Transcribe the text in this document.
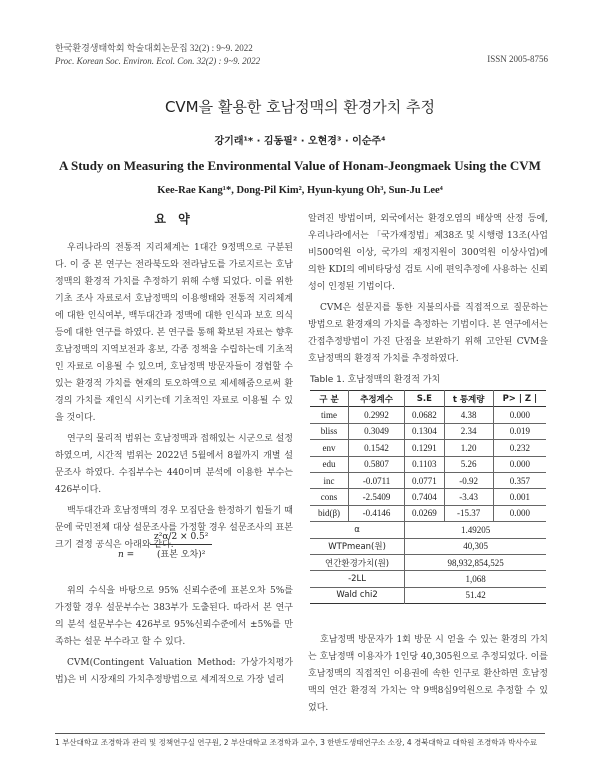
한국환경생태학회 학술대회논문집 32(2) : 9~9. 2022
Proc. Korean Soc. Environ. Ecol. Con. 32(2) : 9~9. 2022	ISSN 2005-8756
CVM을 활용한 호남정맥의 환경가치 추정
강기래¹* · 김동필² · 오현경³ · 이순주⁴
A Study on Measuring the Environmental Value of Honam-Jeongmaek Using the CVM
Kee-Rae Kang¹*, Dong-Pil Kim², Hyun-kyung Oh³, Sun-Ju Lee⁴
요 약

우리나라의 전통적 지리체계는 1대간 9정맥으로 구분된다. 이 중 본 연구는 전라북도와 전라남도를 가로지르는 호남정맥의 환경적 가치를 추정하기 위해 수행 되었다. 이를 위한 기초 조사 자료로서 호남정맥의 이용행태와 전통적 지리체계에 대한 인식여부, 백두대간과 정맥에 대한 인식과 보호 의식 등에 대한 연구를 하였다. 본 연구를 통해 확보된 자료는 향후 호남정맥의 지역보전과 홍보, 각종 정책을 수립하는데 기초적인 자료로 이용될 수 있으며, 호남정맥 방문자들이 경험할 수 있는 환경적 가치를 현재의 토오하액으로 제세해줌으로써 환경의 가치를 재인식 시키는데 기초적인 자료로 이용될 수 있을 것이다.

연구의 물리적 범위는 호남정맥과 접해있는 시군으로 설정하였으며, 시간적 범위는 2022년 5월에서 8월까지 개별 설문조사 하였다. 수집부수는 440이며 분석에 이용한 부수는 426부이다.

백두대간과 호남정맥의 경우 모집단을 한정하기 힘들기 때문에 국민전체 대상 설문조사를 가정할 경우 설문조사의 표본 크기 결정 공식은 아래와 같다.

n =
z²α/2 × 0.5²
(표본 오차)²

위의 수식을 바탕으로 95% 신뢰수준에 표본오차 5%를 가정할 경우 설문부수는 383부가 도출된다. 따라서 본 연구의 분석 설문부수는 426부로 95%신뢰수준에서 ±5%를 만족하는 설문 부수라고 할 수 있다.

CVM(Contingent Valuation Method: 가상가치평가법)은 비 시장재의 가치추정방법으로 세계적으로 가장 널리

알려진 방법이며, 외국에서는 환경오염의 배상액 산정 등에, 우리나라에서는 「국가재정법」제38조 및 시행령 13조(사업비500억원 이상, 국가의 재정지원이 300억원 이상사업)에 의한 KDI의 예비타당성 검토 시에 편익추정에 사용하는 신뢰성이 인정된 기법이다.

CVM은 설문지를 통한 지불의사를 직접적으로 질문하는 방법으로 환경재의 가치를 측정하는 기법이다. 본 연구에서는 간접추정방법이 가진 단점을 보완하기 위해 고안된 CVM을 호남정맥의 환경적 가치를 추정하였다.

Table 1. 호남정맥의 환경적 가치
구 분	추정계수	S.E	t 통계량	P> | Z |
time	0.2992	0.0682	4.38	0.000
bliss	0.3049	0.1304	2.34	0.019
env	0.1542	0.1291	1.20	0.232
edu	0.5807	0.1103	5.26	0.000
inc	-0.0711	0.0771	-0.92	0.357
cons	-2.5409	0.7404	-3.43	0.001
bid(β)	-0.4146	0.0269	-15.37	0.000
α		1.49205		
WTPmean(원)		40,305		
연간환경가치(원)		98,932,854,525		
-2LL		1,068		
Wald chi2		51.42		

호남정맥 방문자가 1회 방문 시 얻을 수 있는 환경의 가치는 호남정맥 이용자가 1인당 40,305원으로 추정되었다. 이를 호남정맥의 직접적인 이용권에 속한 인구로 환산하면 호남정맥의 연간 환경적 가치는 약 9백8십9억원으로 추정할 수 있었다.

1 부산대학교 조경학과 관리 및 정책연구실 연구원, 2 부산대학교 조경학과 교수, 3 한반도생태연구소 소장, 4 경북대학교 대학원 조경학과 박사수료
